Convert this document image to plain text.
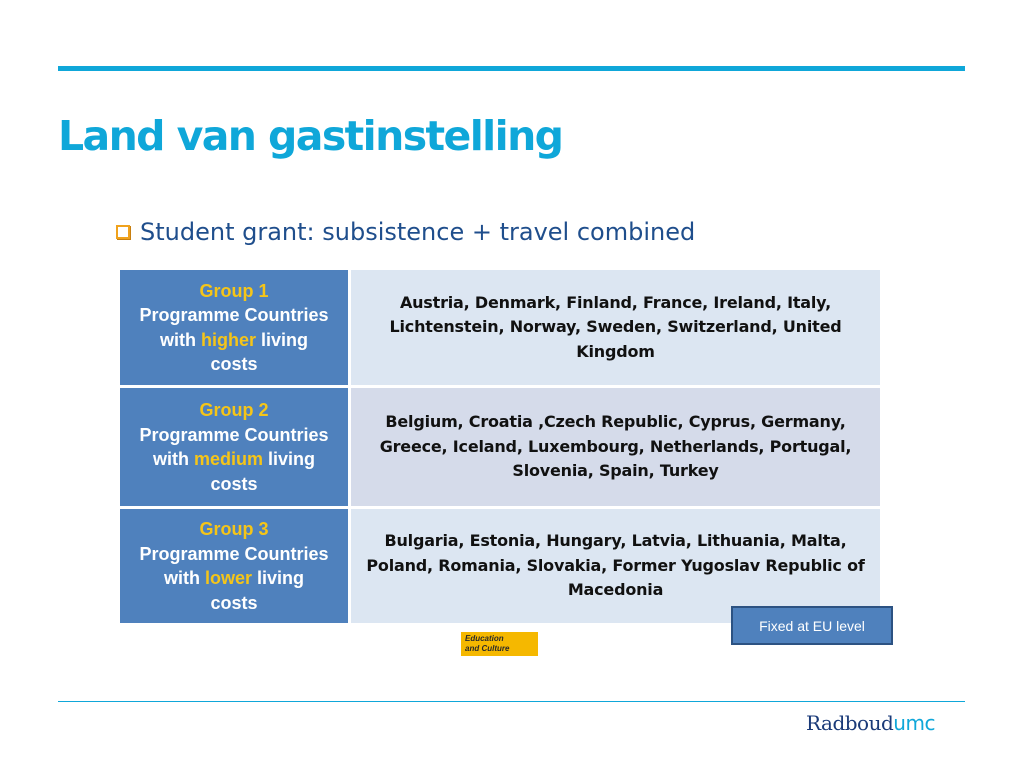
Land van gastinstelling
Student grant: subsistence + travel combined
Group 1
Programme Countries
with higher living
costs	Austria, Denmark, Finland, France, Ireland, Italy, Lichtenstein, Norway, Sweden, Switzerland, United Kingdom

Group 2
Programme Countries
with medium living
costs	Belgium, Croatia ,Czech Republic, Cyprus, Germany, Greece, Iceland, Luxembourg, Netherlands, Portugal, Slovenia, Spain, Turkey

Group 3
Programme Countries
with lower living
costs	Bulgaria, Estonia, Hungary, Latvia, Lithuania, Malta, Poland, Romania, Slovakia, Former Yugoslav Republic of Macedonia
Fixed at EU level
Education
and Culture
Radboudumc
